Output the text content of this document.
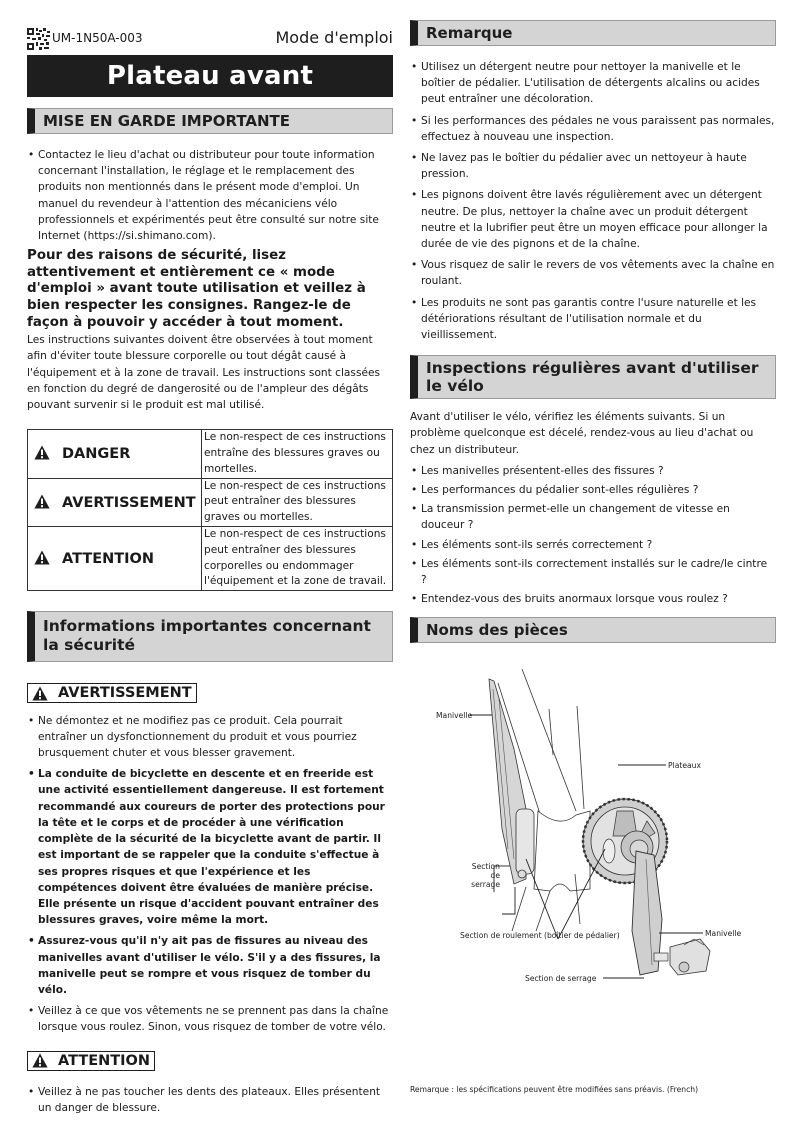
UM-1N50A-003	Mode d'emploi
Plateau avant
MISE EN GARDE IMPORTANTE
• Contactez le lieu d'achat ou distributeur pour toute information concernant l'installation, le réglage et le remplacement des produits non mentionnés dans le présent mode d'emploi. Un manuel du revendeur à l'attention des mécaniciens vélo professionnels et expérimentés peut être consulté sur notre site Internet (https://si.shimano.com).

Pour des raisons de sécurité, lisez attentivement et entièrement ce « mode d'emploi » avant toute utilisation et veillez à bien respecter les consignes. Rangez-le de façon à pouvoir y accéder à tout moment.

Les instructions suivantes doivent être observées à tout moment afin d'éviter toute blessure corporelle ou tout dégât causé à l'équipement et à la zone de travail. Les instructions sont classées en fonction du degré de dangerosité ou de l'ampleur des dégâts pouvant survenir si le produit est mal utilisé.

DANGER	Le non-respect de ces instructions entraîne des blessures graves ou mortelles.
AVERTISSEMENT	Le non-respect de ces instructions peut entraîner des blessures graves ou mortelles.
ATTENTION	Le non-respect de ces instructions peut entraîner des blessures corporelles ou endommager l'équipement et la zone de travail.
Informations importantes concernant la sécurité
AVERTISSEMENT
• Ne démontez et ne modifiez pas ce produit. Cela pourrait entraîner un dysfonctionnement du produit et vous pourriez brusquement chuter et vous blesser gravement.
• La conduite de bicyclette en descente et en freeride est une activité essentiellement dangereuse. Il est fortement recommandé aux coureurs de porter des protections pour la tête et le corps et de procéder à une vérification complète de la sécurité de la bicyclette avant de partir. Il est important de se rappeler que la conduite s'effectue à ses propres risques et que l'expérience et les compétences doivent être évaluées de manière précise. Elle présente un risque d'accident pouvant entraîner des blessures graves, voire même la mort.
• Assurez-vous qu'il n'y ait pas de fissures au niveau des manivelles avant d'utiliser le vélo. S'il y a des fissures, la manivelle peut se rompre et vous risquez de tomber du vélo.
• Veillez à ce que vos vêtements ne se prennent pas dans la chaîne lorsque vous roulez. Sinon, vous risquez de tomber de votre vélo.
ATTENTION
• Veillez à ne pas toucher les dents des plateaux. Elles présentent un danger de blessure.
Remarque
• Utilisez un détergent neutre pour nettoyer la manivelle et le boîtier de pédalier. L'utilisation de détergents alcalins ou acides peut entraîner une décoloration.
• Si les performances des pédales ne vous paraissent pas normales, effectuez à nouveau une inspection.
• Ne lavez pas le boîtier du pédalier avec un nettoyeur à haute pression.
• Les pignons doivent être lavés régulièrement avec un détergent neutre. De plus, nettoyer la chaîne avec un produit détergent neutre et la lubrifier peut être un moyen efficace pour allonger la durée de vie des pignons et de la chaîne.
• Vous risquez de salir le revers de vos vêtements avec la chaîne en roulant.
• Les produits ne sont pas garantis contre l'usure naturelle et les détériorations résultant de l'utilisation normale et du vieillissement.
Inspections régulières avant d'utiliser le vélo

Avant d'utiliser le vélo, vérifiez les éléments suivants. Si un problème quelconque est décelé, rendez-vous au lieu d'achat ou chez un distributeur.

• Les manivelles présentent-elles des fissures ?
• Les performances du pédalier sont-elles régulières ?
• La transmission permet-elle un changement de vitesse en douceur ?
• Les éléments sont-ils serrés correctement ?
• Les éléments sont-ils correctement installés sur le cadre/le cintre ?
• Entendez-vous des bruits anormaux lorsque vous roulez ?
Noms des pièces
Manivelle
Plateaux
Section de serrage
Section de roulement (boîtier de pédalier)	Manivelle
Section de serrage
Remarque : les spécifications peuvent être modifiées sans préavis. (French)
